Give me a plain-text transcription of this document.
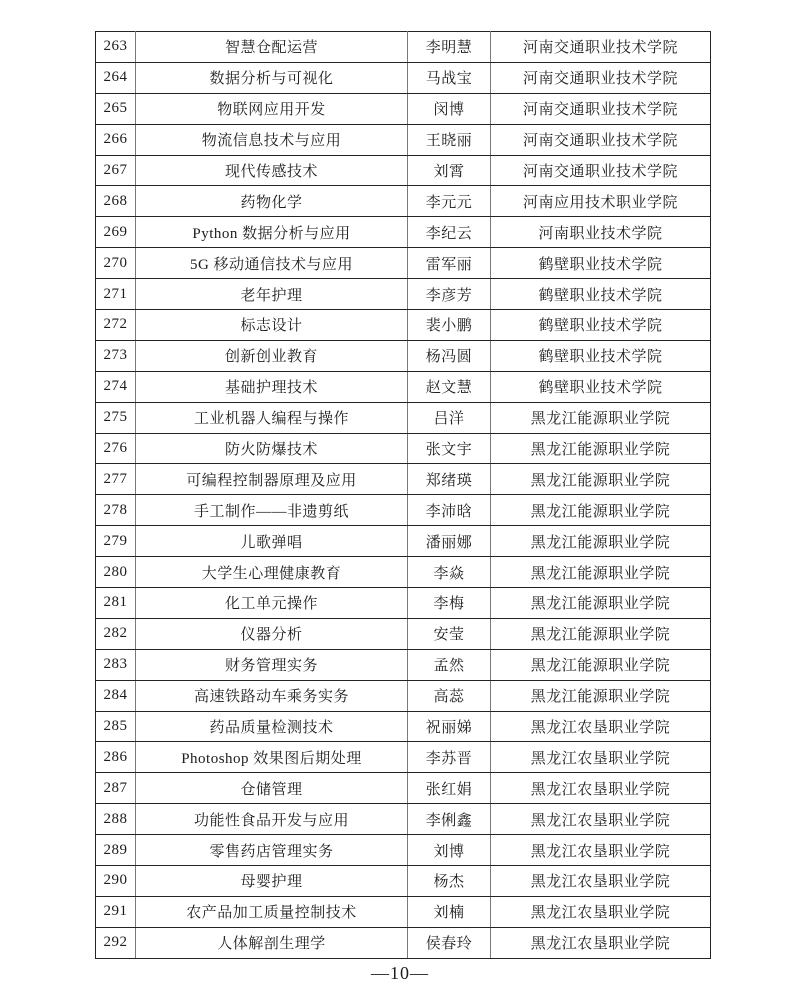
263	智慧仓配运营	李明慧	河南交通职业技术学院
264	数据分析与可视化	马战宝	河南交通职业技术学院
265	物联网应用开发	闵博	河南交通职业技术学院
266	物流信息技术与应用	王晓丽	河南交通职业技术学院
267	现代传感技术	刘霄	河南交通职业技术学院
268	药物化学	李元元	河南应用技术职业学院
269	Python 数据分析与应用	李纪云	河南职业技术学院
270	5G 移动通信技术与应用	雷军丽	鹤壁职业技术学院
271	老年护理	李彦芳	鹤壁职业技术学院
272	标志设计	裴小鹏	鹤壁职业技术学院
273	创新创业教育	杨冯圆	鹤壁职业技术学院
274	基础护理技术	赵文慧	鹤壁职业技术学院
275	工业机器人编程与操作	吕洋	黑龙江能源职业学院
276	防火防爆技术	张文宇	黑龙江能源职业学院
277	可编程控制器原理及应用	郑绪瑛	黑龙江能源职业学院
278	手工制作——非遗剪纸	李沛晗	黑龙江能源职业学院
279	儿歌弹唱	潘丽娜	黑龙江能源职业学院
280	大学生心理健康教育	李焱	黑龙江能源职业学院
281	化工单元操作	李梅	黑龙江能源职业学院
282	仪器分析	安莹	黑龙江能源职业学院
283	财务管理实务	孟然	黑龙江能源职业学院
284	高速铁路动车乘务实务	高蕊	黑龙江能源职业学院
285	药品质量检测技术	祝丽娣	黑龙江农垦职业学院
286	Photoshop 效果图后期处理	李苏晋	黑龙江农垦职业学院
287	仓储管理	张红娟	黑龙江农垦职业学院
288	功能性食品开发与应用	李俐鑫	黑龙江农垦职业学院
289	零售药店管理实务	刘博	黑龙江农垦职业学院
290	母婴护理	杨杰	黑龙江农垦职业学院
291	农产品加工质量控制技术	刘楠	黑龙江农垦职业学院
292	人体解剖生理学	侯春玲	黑龙江农垦职业学院
—10—
